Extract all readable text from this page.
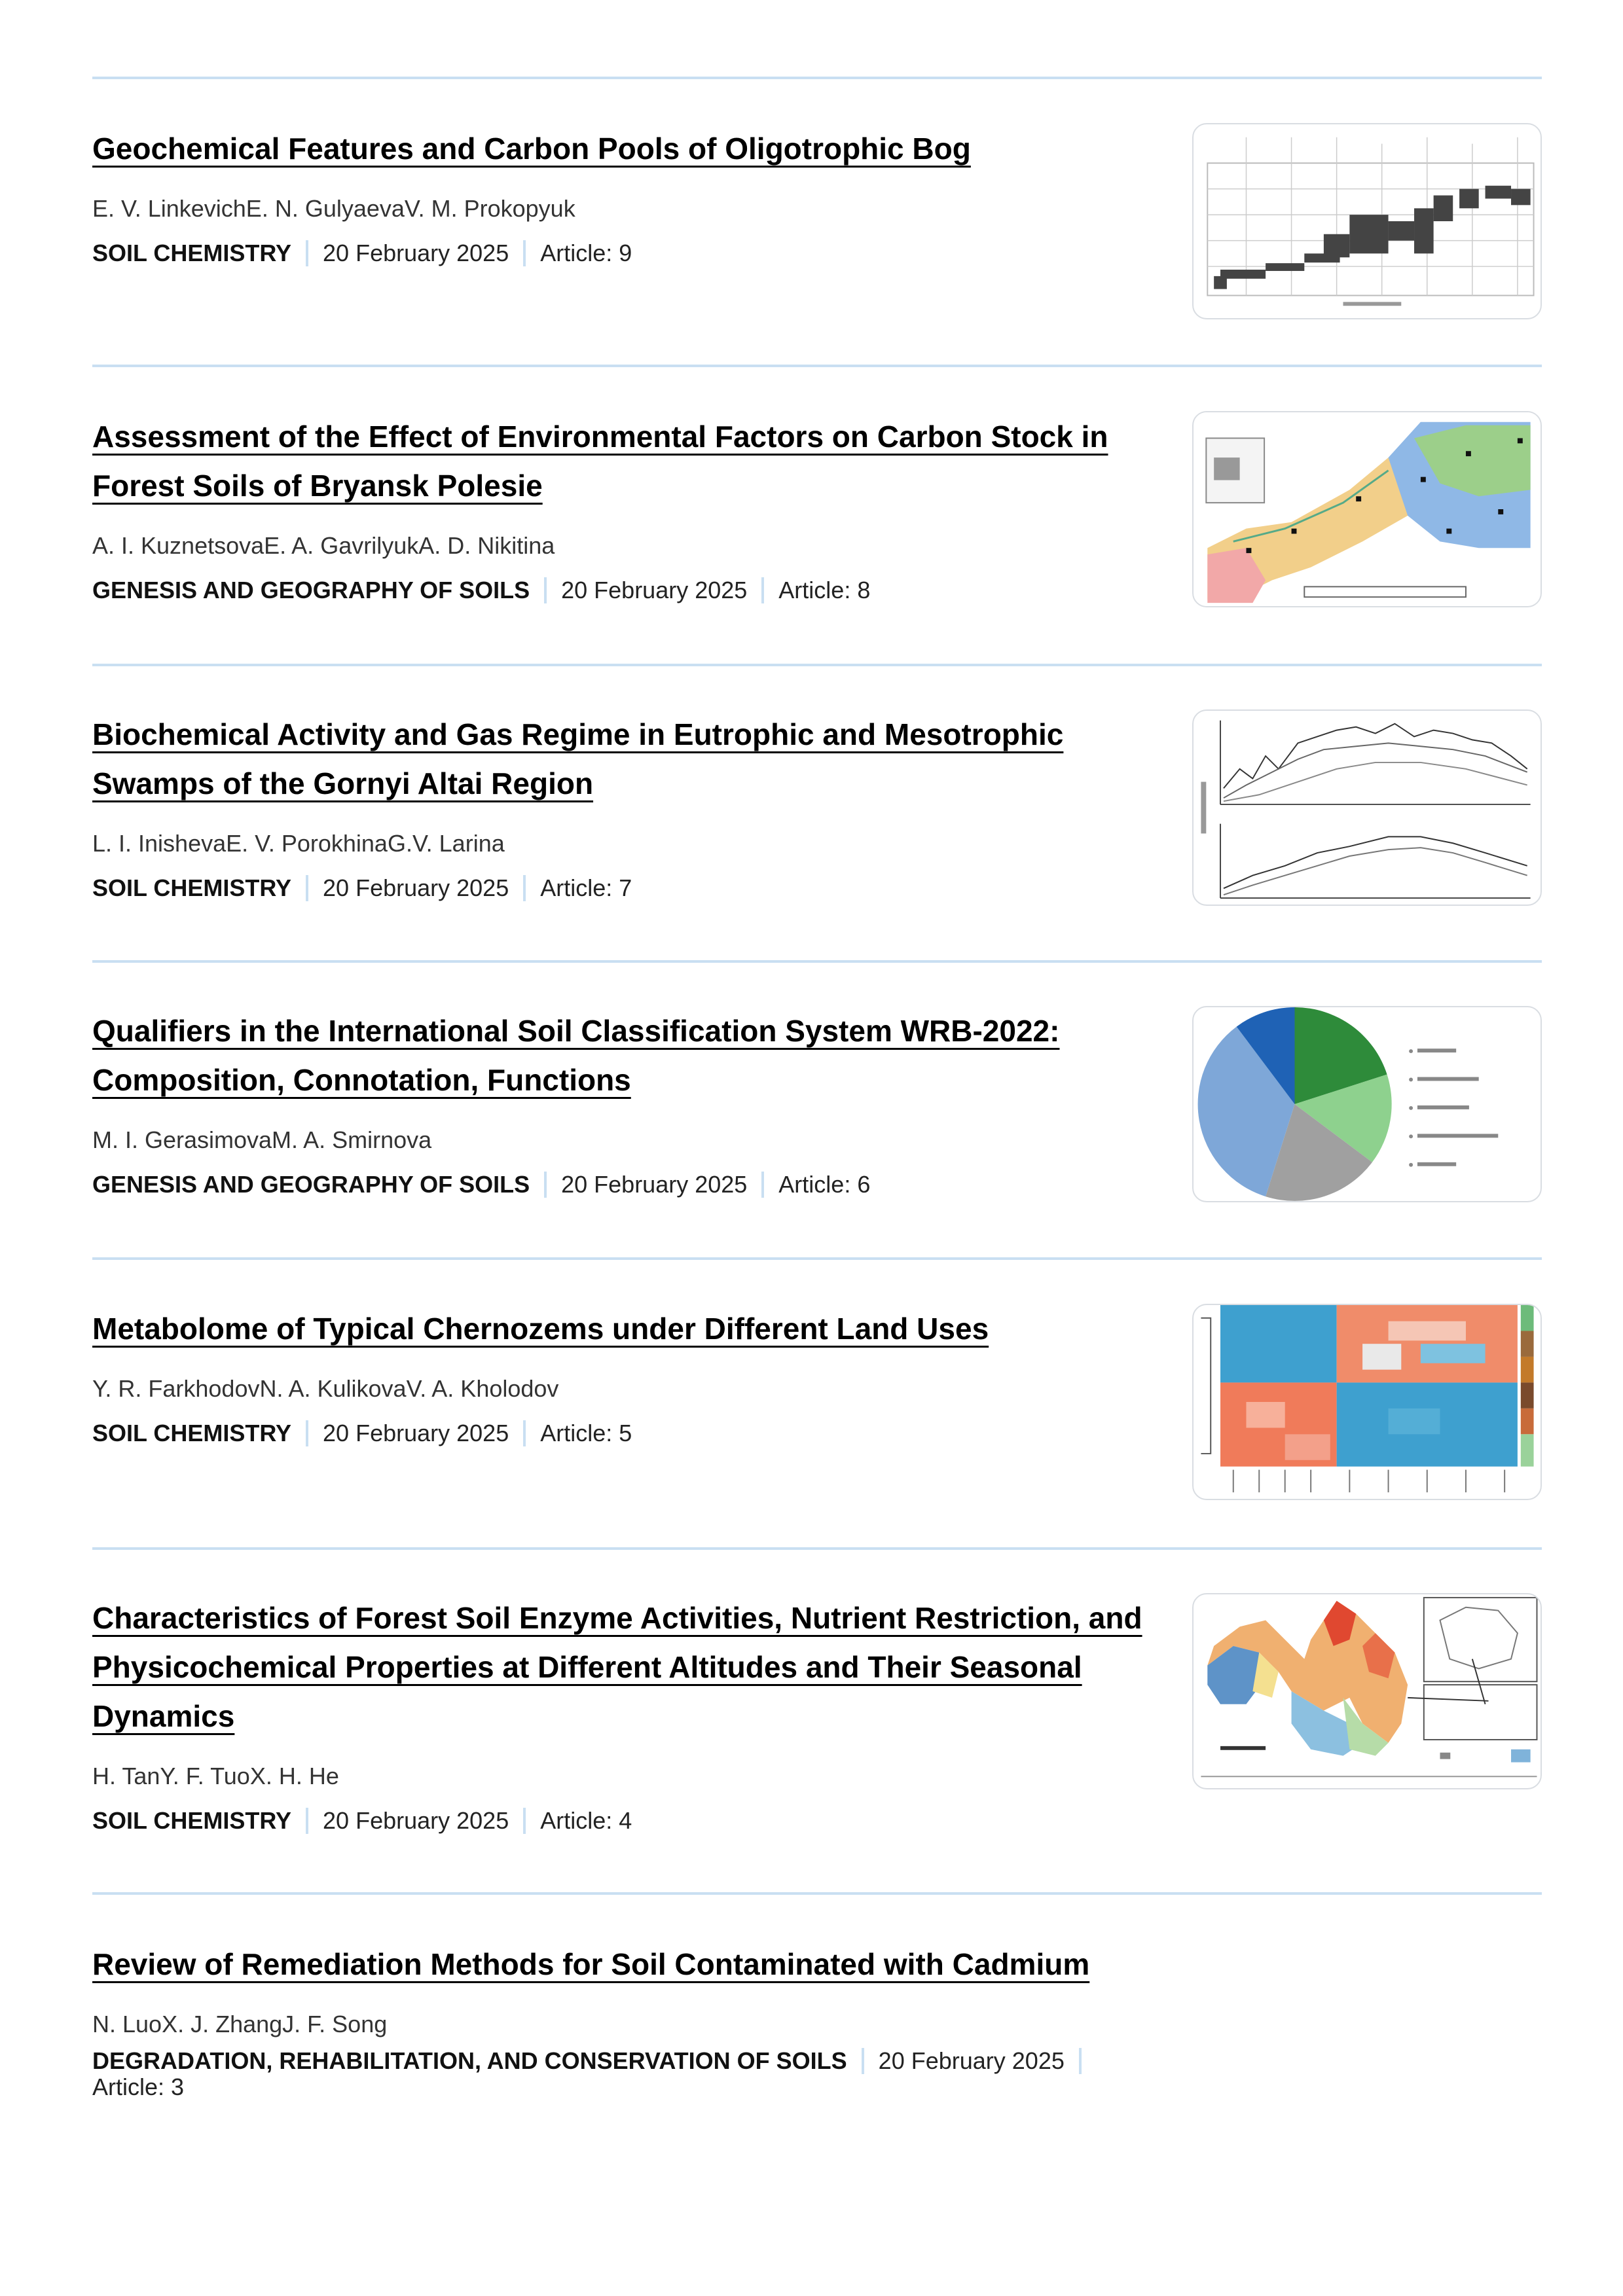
Geochemical Features and Carbon Pools of Oligotrophic Bog
E. V. LinkevichE. N. GulyaevaV. M. Prokopyuk
SOIL CHEMISTRY 20 February 2025 Article: 9
Assessment of the Effect of Environmental Factors on Carbon Stock in Forest Soils of Bryansk Polesie
A. I. KuznetsovaE. A. GavrilyukA. D. Nikitina
GENESIS AND GEOGRAPHY OF SOILS 20 February 2025 Article: 8
Biochemical Activity and Gas Regime in Eutrophic and Mesotrophic Swamps of the Gornyi Altai Region
L. I. InishevaE. V. PorokhinaG.V. Larina
SOIL CHEMISTRY 20 February 2025 Article: 7
Qualifiers in the International Soil Classification System WRB-2022: Composition, Connotation, Functions
M. I. GerasimovaM. A. Smirnova
GENESIS AND GEOGRAPHY OF SOILS 20 February 2025 Article: 6
Metabolome of Typical Chernozems under Different Land Uses
Y. R. FarkhodovN. A. KulikovaV. A. Kholodov
SOIL CHEMISTRY 20 February 2025 Article: 5
Characteristics of Forest Soil Enzyme Activities, Nutrient Restriction, and Physicochemical Properties at Different Altitudes and Their Seasonal Dynamics
H. TanY. F. TuoX. H. He
SOIL CHEMISTRY 20 February 2025 Article: 4
Review of Remediation Methods for Soil Contaminated with Cadmium
N. LuoX. J. ZhangJ. F. Song
DEGRADATION, REHABILITATION, AND CONSERVATION OF SOILS 20 February 2025Article: 3
